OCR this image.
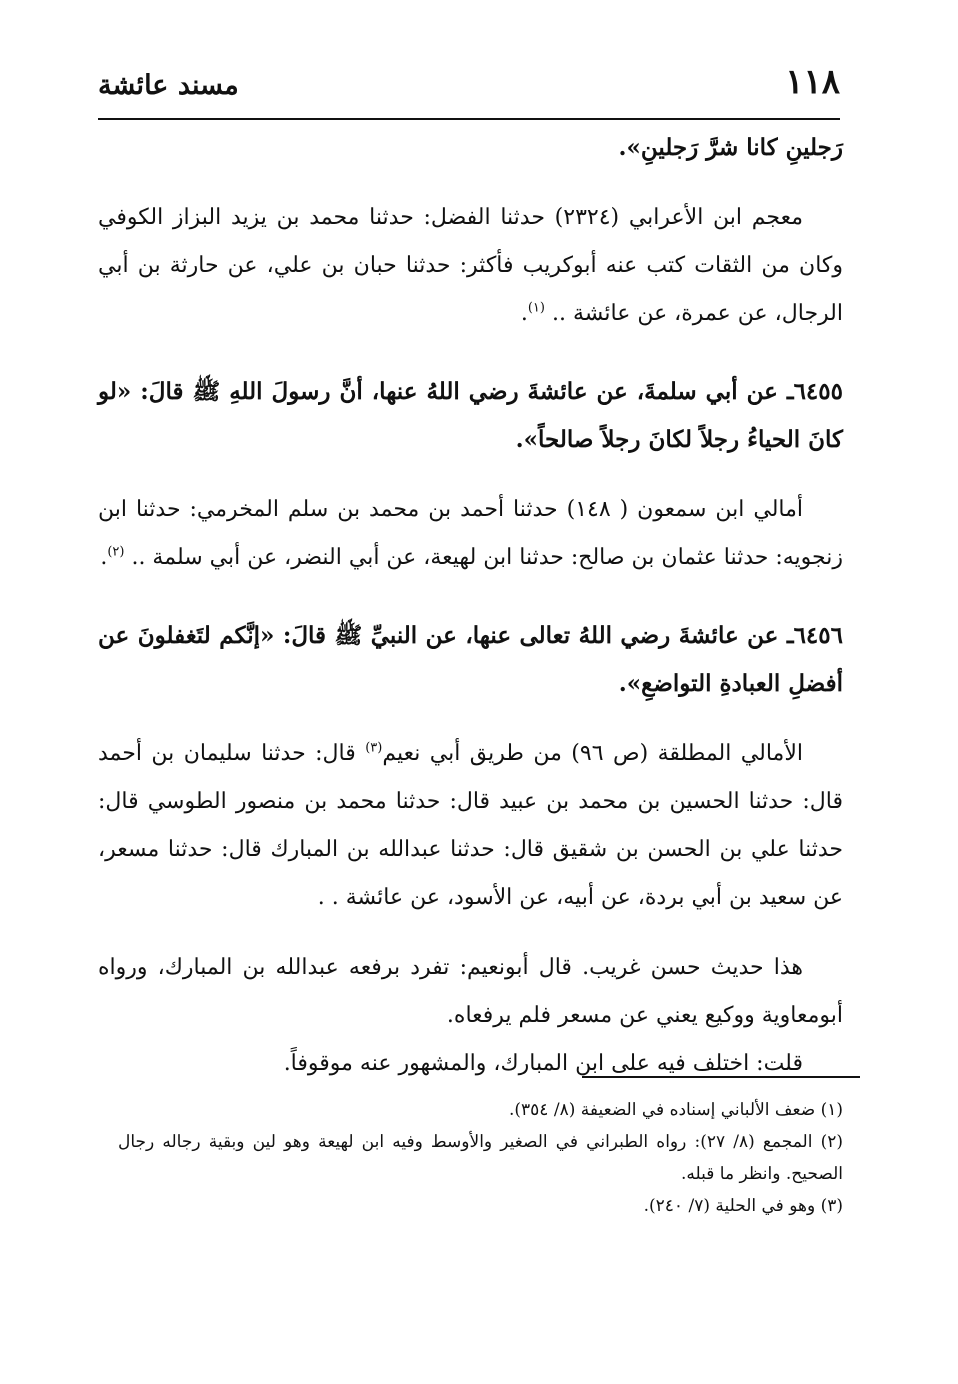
١١٨
مسند عائشة

رَجلينِ كانا شرَّ رَجلينِ».

معجم ابن الأعرابي (٢٣٢٤) حدثنا الفضل: حدثنا محمد بن يزيد البزاز الكوفي وكان من الثقات كتب عنه أبوكريب فأكثر: حدثنا حبان بن علي، عن حارثة بن أبي الرجال، عن عمرة، عن عائشة .. $^{(١)}$.

٦٤٥٥ـ عن أبي سلمةَ، عن عائشةَ رضي اللهُ عنها، أنَّ رسولَ اللهِ ﷺ قالَ: «لو كانَ الحياءُ رجلاً لكانَ رجلاً صالحاً».

أمالي ابن سمعون ( ١٤٨) حدثنا أحمد بن محمد بن سلم المخرمي: حدثنا ابن زنجويه: حدثنا عثمان بن صالح: حدثنا ابن لهيعة، عن أبي النضر، عن أبي سلمة .. $^{(٢)}$.

٦٤٥٦ـ عن عائشةَ رضي اللهُ تعالى عنها، عن النبيِّ ﷺ قالَ: «إنَّكم لتَغفلونَ عن أفضلِ العبادةِ التواضعِ».

الأمالي المطلقة (ص ٩٦) من طريق أبي نعيم$^{(٣)}$ قال: حدثنا سليمان بن أحمد قال: حدثنا الحسين بن محمد بن عبيد قال: حدثنا محمد بن منصور الطوسي قال: حدثنا علي بن الحسن بن شقيق قال: حدثنا عبدالله بن المبارك قال: حدثنا مسعر، عن سعيد بن أبي بردة، عن أبيه، عن الأسود، عن عائشة . .

هذا حديث حسن غريب. قال أبونعيم: تفرد برفعه عبدالله بن المبارك، ورواه أبومعاوية ووكيع يعني عن مسعر فلم يرفعاه.

قلت: اختلف فيه على ابن المبارك، والمشهور عنه موقوفاً.

(١) ضعف الألباني إسناده في الضعيفة (٨/ ٣٥٤).

(٢) المجمع (٨/ ٢٧): رواه الطبراني في الصغير والأوسط وفيه ابن لهيعة وهو لين وبقية رجاله رجال الصحيح. وانظر ما قبله.

(٣) وهو في الحلية (٧/ ٢٤٠).
